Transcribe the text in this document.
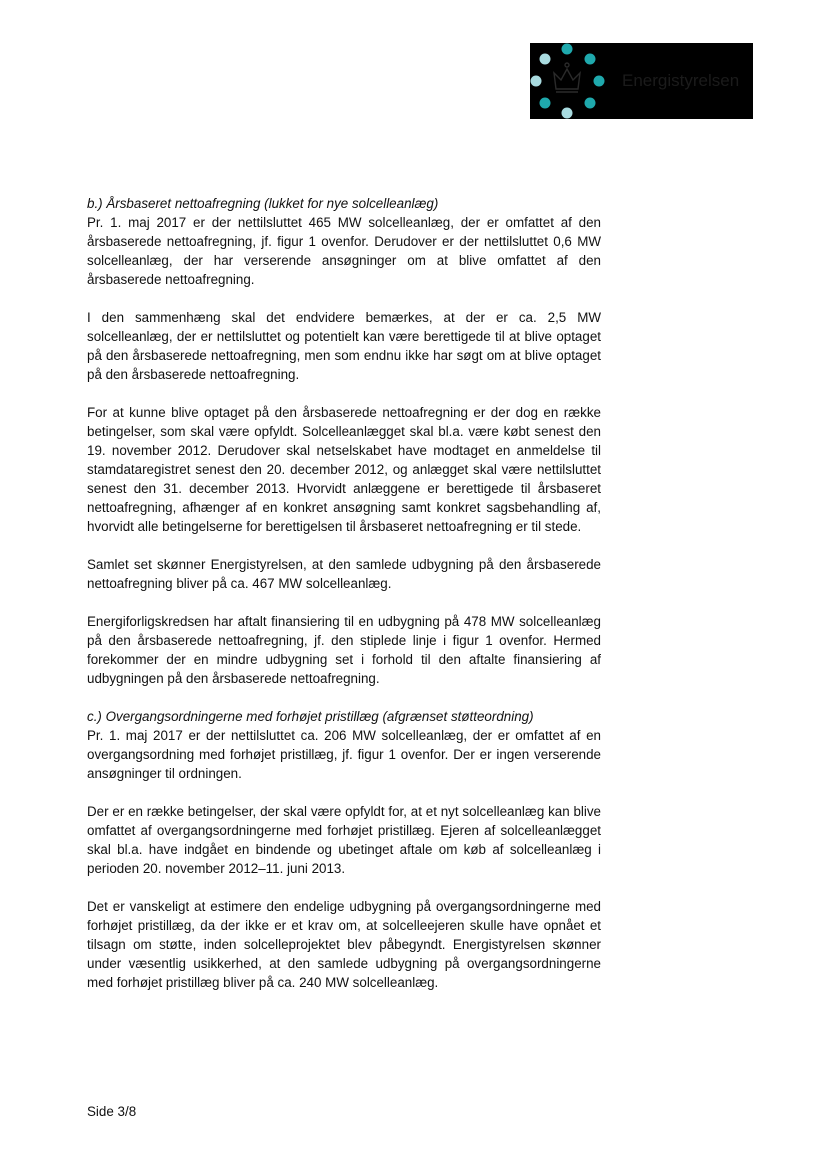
Energistyrelsen

b.) Årsbaseret nettoafregning (lukket for nye solcelleanlæg)

Pr. 1. maj 2017 er der nettilsluttet 465 MW solcelleanlæg, der er omfattet af den årsbaserede nettoafregning, jf. figur 1 ovenfor. Derudover er der nettilsluttet 0,6 MW solcelleanlæg, der har verserende ansøgninger om at blive omfattet af den årsbaserede nettoafregning.

I den sammenhæng skal det endvidere bemærkes, at der er ca. 2,5 MW solcelleanlæg, der er nettilsluttet og potentielt kan være berettigede til at blive optaget på den årsbaserede nettoafregning, men som endnu ikke har søgt om at blive optaget på den årsbaserede nettoafregning.

For at kunne blive optaget på den årsbaserede nettoafregning er der dog en række betingelser, som skal være opfyldt. Solcelleanlægget skal bl.a. være købt senest den 19. november 2012. Derudover skal netselskabet have modtaget en anmeldelse til stamdataregistret senest den 20. december 2012, og anlægget skal være nettilsluttet senest den 31. december 2013. Hvorvidt anlæggene er berettigede til årsbaseret nettoafregning, afhænger af en konkret ansøgning samt konkret sagsbehandling af, hvorvidt alle betingelserne for berettigelsen til årsbaseret nettoafregning er til stede.

Samlet set skønner Energistyrelsen, at den samlede udbygning på den årsbaserede nettoafregning bliver på ca. 467 MW solcelleanlæg.

Energiforligskredsen har aftalt finansiering til en udbygning på 478 MW solcelleanlæg på den årsbaserede nettoafregning, jf. den stiplede linje i figur 1 ovenfor. Hermed forekommer der en mindre udbygning set i forhold til den aftalte finansiering af udbygningen på den årsbaserede nettoafregning.

c.) Overgangsordningerne med forhøjet pristillæg (afgrænset støtteordning)

Pr. 1. maj 2017 er der nettilsluttet ca. 206 MW solcelleanlæg, der er omfattet af en overgangsordning med forhøjet pristillæg, jf. figur 1 ovenfor. Der er ingen verserende ansøgninger til ordningen.

Der er en række betingelser, der skal være opfyldt for, at et nyt solcelleanlæg kan blive omfattet af overgangsordningerne med forhøjet pristillæg. Ejeren af solcelleanlægget skal bl.a. have indgået en bindende og ubetinget aftale om køb af solcelleanlæg i perioden 20. november 2012–11. juni 2013.

Det er vanskeligt at estimere den endelige udbygning på overgangsordningerne med forhøjet pristillæg, da der ikke er et krav om, at solcelleejeren skulle have opnået et tilsagn om støtte, inden solcelleprojektet blev påbegyndt. Energistyrelsen skønner under væsentlig usikkerhed, at den samlede udbygning på overgangsordningerne med forhøjet pristillæg bliver på ca. 240 MW solcelleanlæg.

Side 3/8
